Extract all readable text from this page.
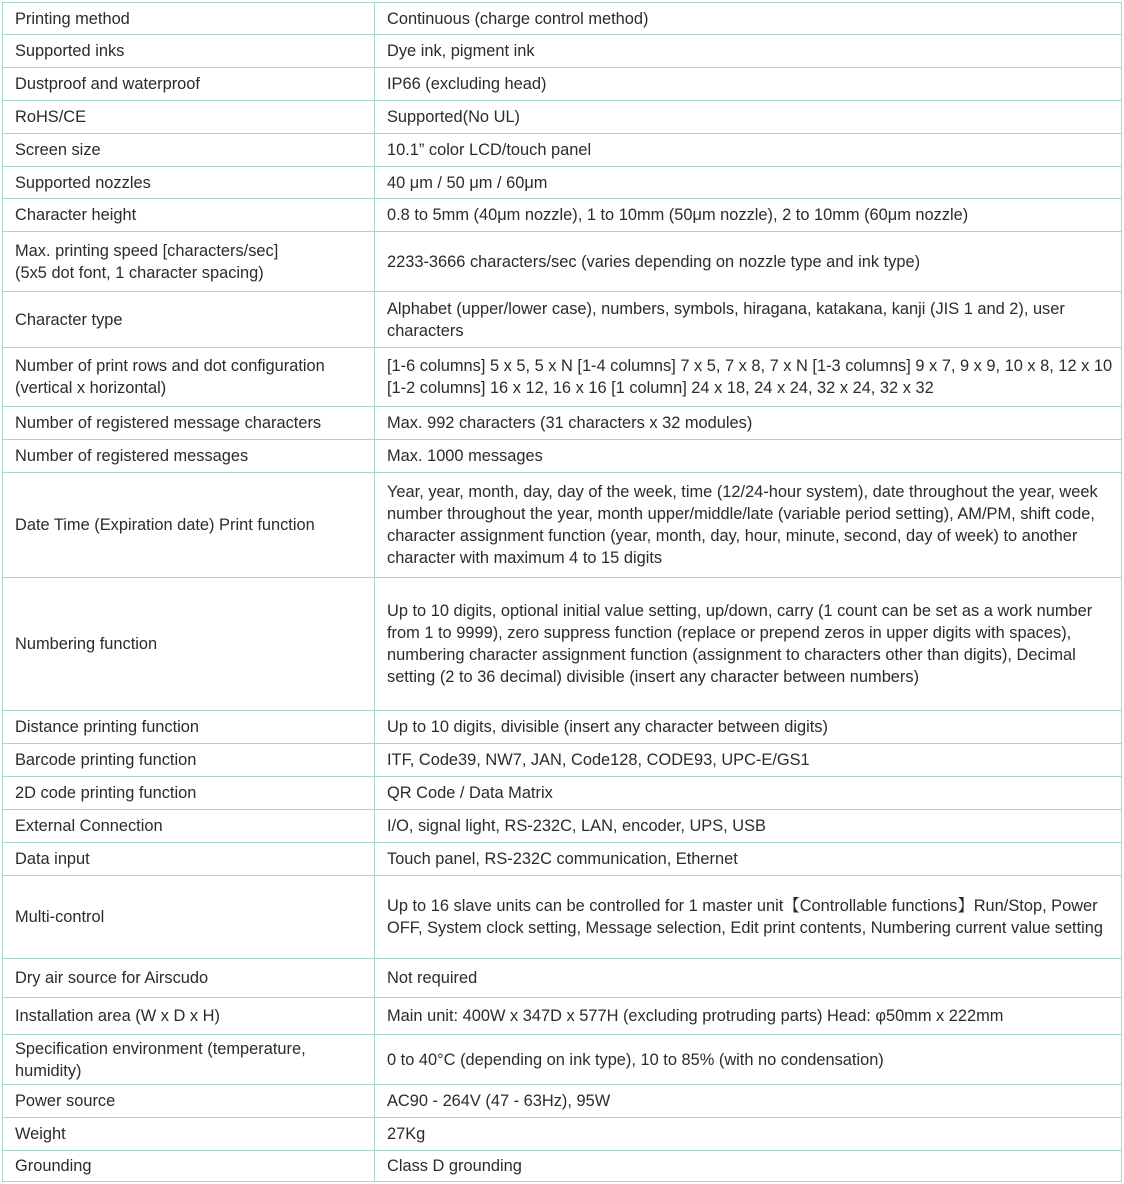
Printing method	Continuous (charge control method)
Supported inks	Dye ink, pigment ink
Dustproof and waterproof	IP66 (excluding head)
RoHS/CE	Supported(No UL)
Screen size	10.1” color LCD/touch panel
Supported nozzles	40 μm / 50 μm / 60μm
Character height	0.8 to 5mm (40μm nozzle), 1 to 10mm (50μm nozzle), 2 to 10mm (60μm nozzle)
Max. printing speed [characters/sec]
(5x5 dot font, 1 character spacing)	2233-3666 characters/sec (varies depending on nozzle type and ink type)
Character type	Alphabet (upper/lower case), numbers, symbols, hiragana, katakana, kanji (JIS 1 and 2), user characters
Number of print rows and dot configuration (vertical x horizontal)	[1-6 columns] 5 x 5, 5 x N [1-4 columns] 7 x 5, 7 x 8, 7 x N [1-3 columns] 9 x 7, 9 x 9, 10 x 8, 12 x 10 [1-2 columns] 16 x 12, 16 x 16 [1 column] 24 x 18, 24 x 24, 32 x 24, 32 x 32
Number of registered message characters	Max. 992 characters (31 characters x 32 modules)
Number of registered messages	Max. 1000 messages
Date Time (Expiration date) Print function	Year, year, month, day, day of the week, time (12/24-hour system), date throughout the year, week number throughout the year, month upper/middle/late (variable period setting), AM/PM, shift code, character assignment function (year, month, day, hour, minute, second, day of week) to another character with maximum 4 to 15 digits
Numbering function	Up to 10 digits, optional initial value setting, up/down, carry (1 count can be set as a work number from 1 to 9999), zero suppress function (replace or prepend zeros in upper digits with spaces), numbering character assignment function (assignment to characters other than digits), Decimal setting (2 to 36 decimal) divisible (insert any character between numbers)
Distance printing function	Up to 10 digits, divisible (insert any character between digits)
Barcode printing function	ITF, Code39, NW7, JAN, Code128, CODE93, UPC-E/GS1
2D code printing function	QR Code / Data Matrix
External Connection	I/O, signal light, RS-232C, LAN, encoder, UPS, USB
Data input	Touch panel, RS-232C communication, Ethernet
Multi-control	Up to 16 slave units can be controlled for 1 master unit【Controllable functions】Run/Stop, Power OFF, System clock setting, Message selection, Edit print contents, Numbering current value setting
Dry air source for Airscudo	Not required
Installation area (W x D x H)	Main unit: 400W x 347D x 577H (excluding protruding parts) Head: φ50mm x 222mm
Specification environment (temperature, humidity)	0 to 40°C (depending on ink type), 10 to 85% (with no condensation)
Power source	AC90 - 264V (47 - 63Hz), 95W
Weight	27Kg
Grounding	Class D grounding
